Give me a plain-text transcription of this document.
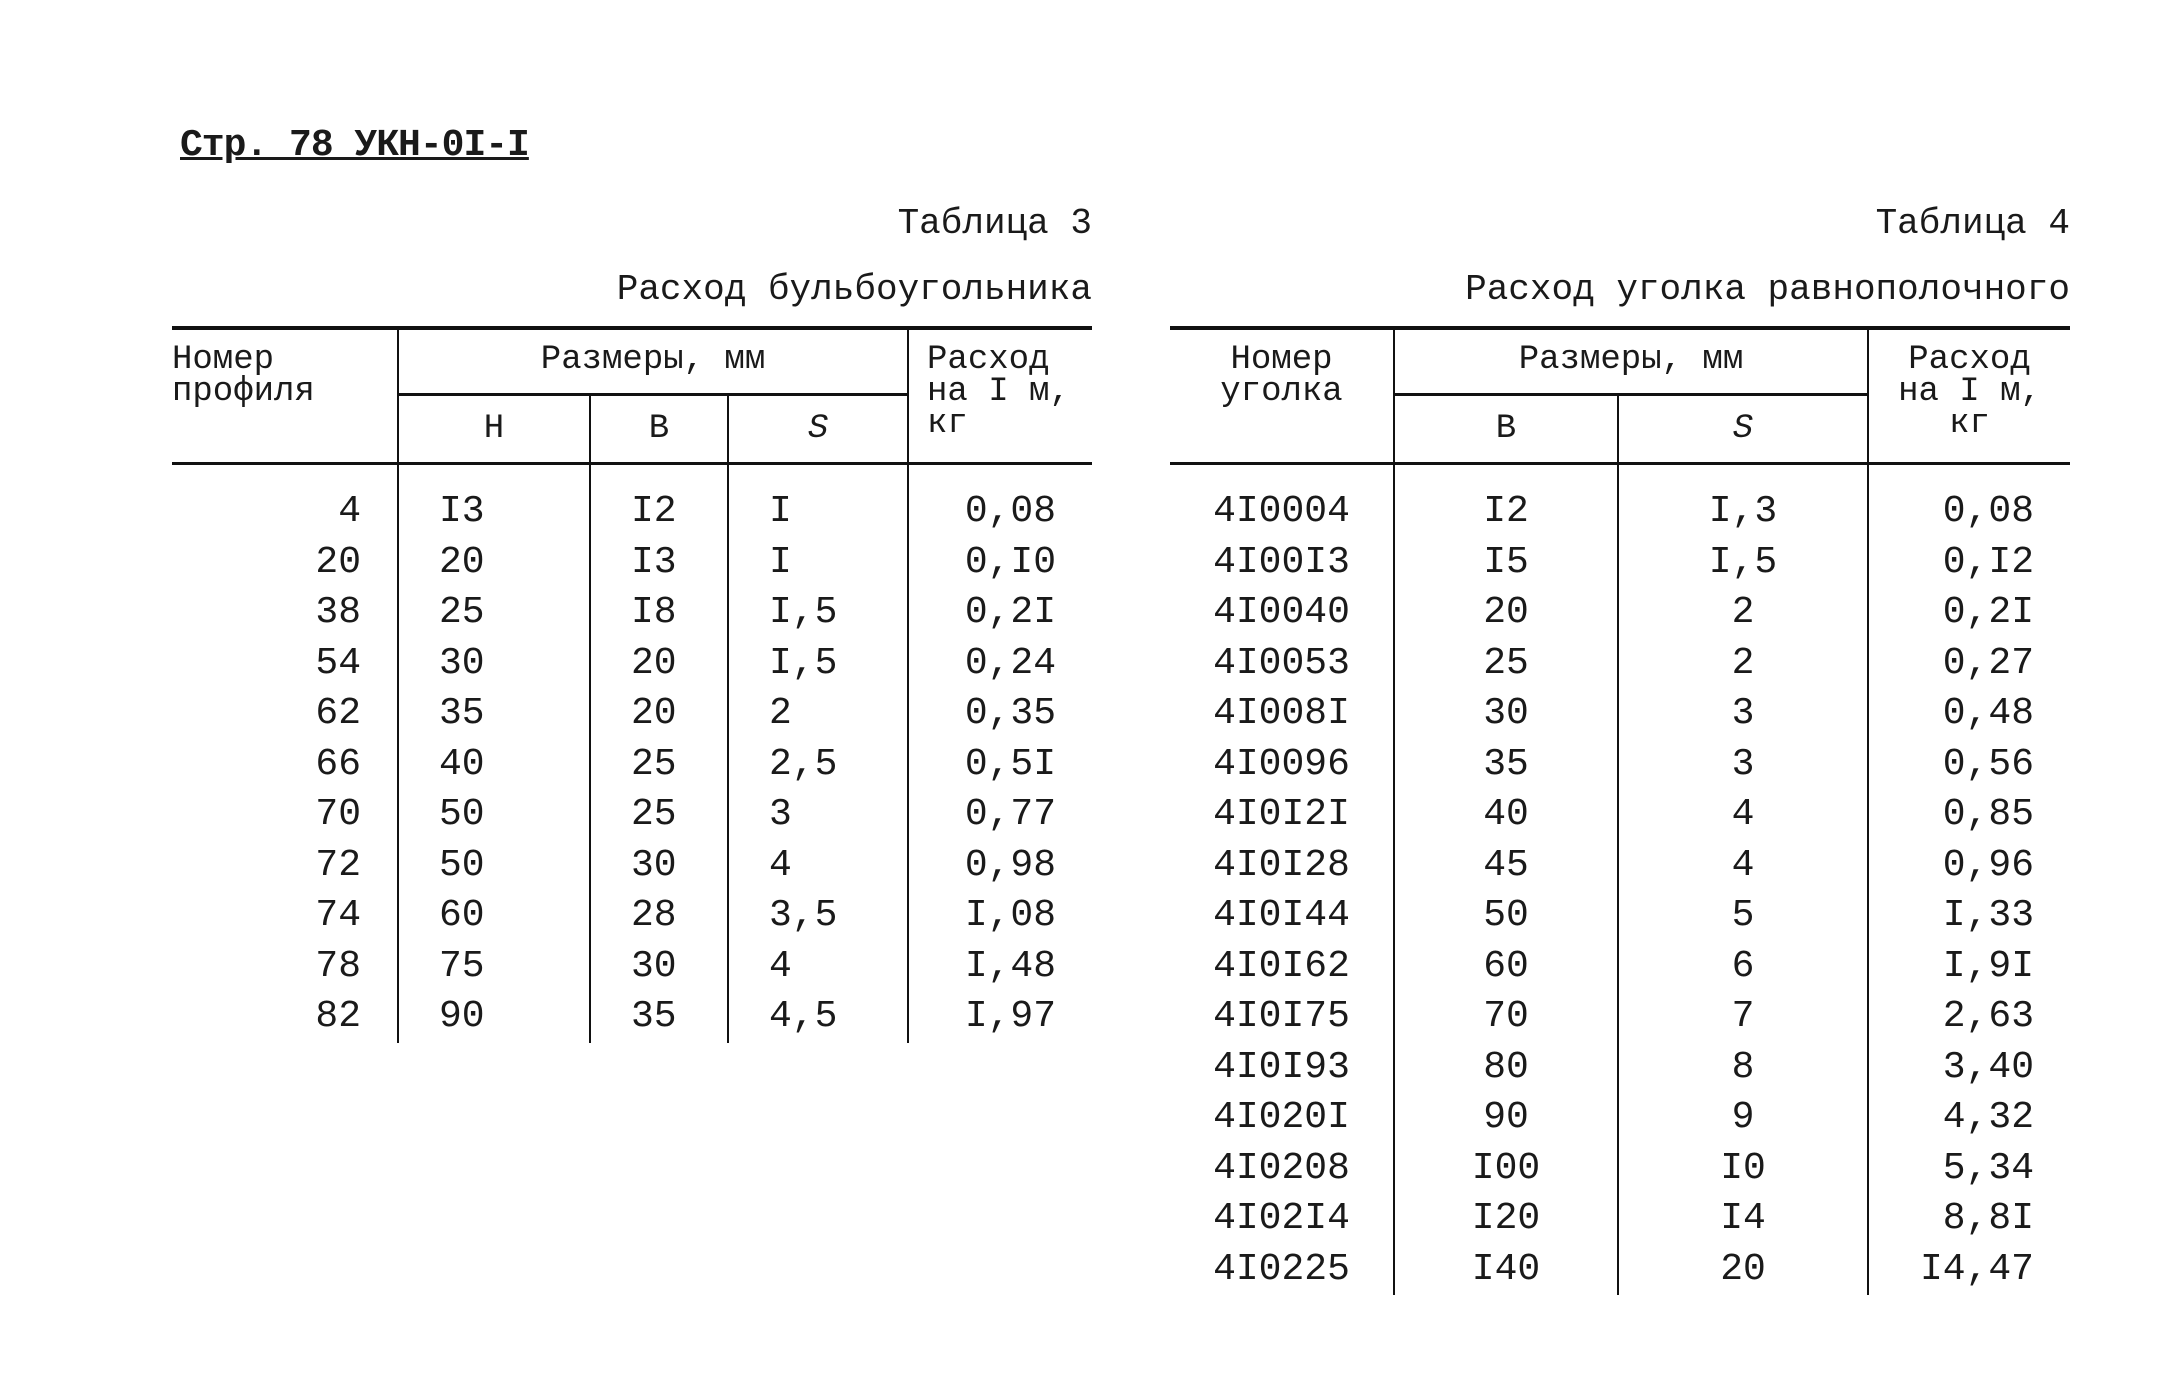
Стр. 78 УКН-0I-I
Таблица 3
Расход бульбоугольника
Номер
профиля	Размеры, мм			Расход
на I м,
кг
	H	B	S	
4	I3	I2	I	0,08
20	20	I3	I	0,I0
38	25	I8	I,5	0,2I
54	30	20	I,5	0,24
62	35	20	2	0,35
66	40	25	2,5	0,5I
70	50	25	3	0,77
72	50	30	4	0,98
74	60	28	3,5	I,08
78	75	30	4	I,48
82	90	35	4,5	I,97
Таблица 4
Расход уголка равнополочного
Номер
уголка	Размеры, мм		Расход
на I м,
кг
	B	S	
4I0004	I2	I,3	0,08
4I00I3	I5	I,5	0,I2
4I0040	20	2	0,2I
4I0053	25	2	0,27
4I008I	30	3	0,48
4I0096	35	3	0,56
4I0I2I	40	4	0,85
4I0I28	45	4	0,96
4I0I44	50	5	I,33
4I0I62	60	6	I,9I
4I0I75	70	7	2,63
4I0I93	80	8	3,40
4I020I	90	9	4,32
4I0208	I00	I0	5,34
4I02I4	I20	I4	8,8I
4I0225	I40	20	I4,47
